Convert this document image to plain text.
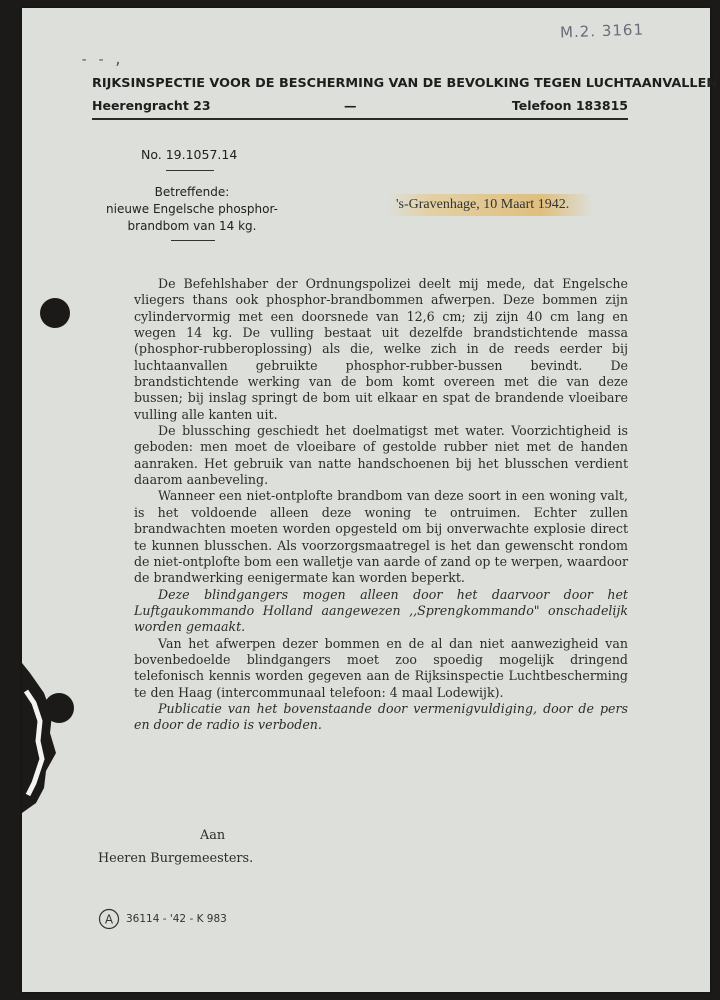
M.2. 3161
- - ,
RIJKSINSPECTIE VOOR DE BESCHERMING VAN DE BEVOLKING TEGEN LUCHTAANVALLEN
Heerengracht 23	—	Telefoon 183815
No. 19.1057.14
Betreffende:
nieuwe Engelsche phosphor-
brandbom van 14 kg.
's-Gravenhage, 10 Maart 1942.

De Befehlshaber der Ordnungspolizei deelt mij mede, dat Engelsche vliegers thans ook phosphor-brandbommen afwerpen. Deze bommen zijn cylindervormig met een doorsnede van 12,6 cm; zij zijn 40 cm lang en wegen 14 kg. De vulling bestaat uit dezelfde brandstichtende massa (phosphor-rubberoplossing) als die, welke zich in de reeds eerder bij luchtaanvallen gebruikte phosphor-rubber-bussen bevindt. De brandstichtende werking van de bom komt overeen met die van deze bussen; bij inslag springt de bom uit elkaar en spat de brandende vloeibare vulling alle kanten uit.

De blussching geschiedt het doelmatigst met water. Voorzichtigheid is geboden: men moet de vloeibare of gestolde rubber niet met de handen aanraken. Het gebruik van natte handschoenen bij het blusschen verdient daarom aanbeveling.

Wanneer een niet-ontplofte brandbom van deze soort in een woning valt, is het voldoende alleen deze woning te ontruimen. Echter zullen brandwachten moeten worden opgesteld om bij onverwachte explosie direct te kunnen blusschen. Als voorzorgsmaatregel is het dan gewenscht rondom de niet-ontplofte bom een walletje van aarde of zand op te werpen, waardoor de brandwerking eenigermate kan worden beperkt.

Deze blindgangers mogen alleen door het daarvoor door het Luftgaukommando Holland aangewezen ,,Sprengkommando" onschadelijk worden gemaakt.

Van het afwerpen dezer bommen en de al dan niet aanwezigheid van bovenbedoelde blindgangers moet zoo spoedig mogelijk dringend telefonisch kennis worden gegeven aan de Rijksinspectie Luchtbescherming te den Haag (intercommunaal telefoon: 4 maal Lodewijk).

Publicatie van het bovenstaande door vermenigvuldiging, door de pers en door de radio is verboden.

Aan
Heeren Burgemeesters.
A 36114 - '42 - K 983
